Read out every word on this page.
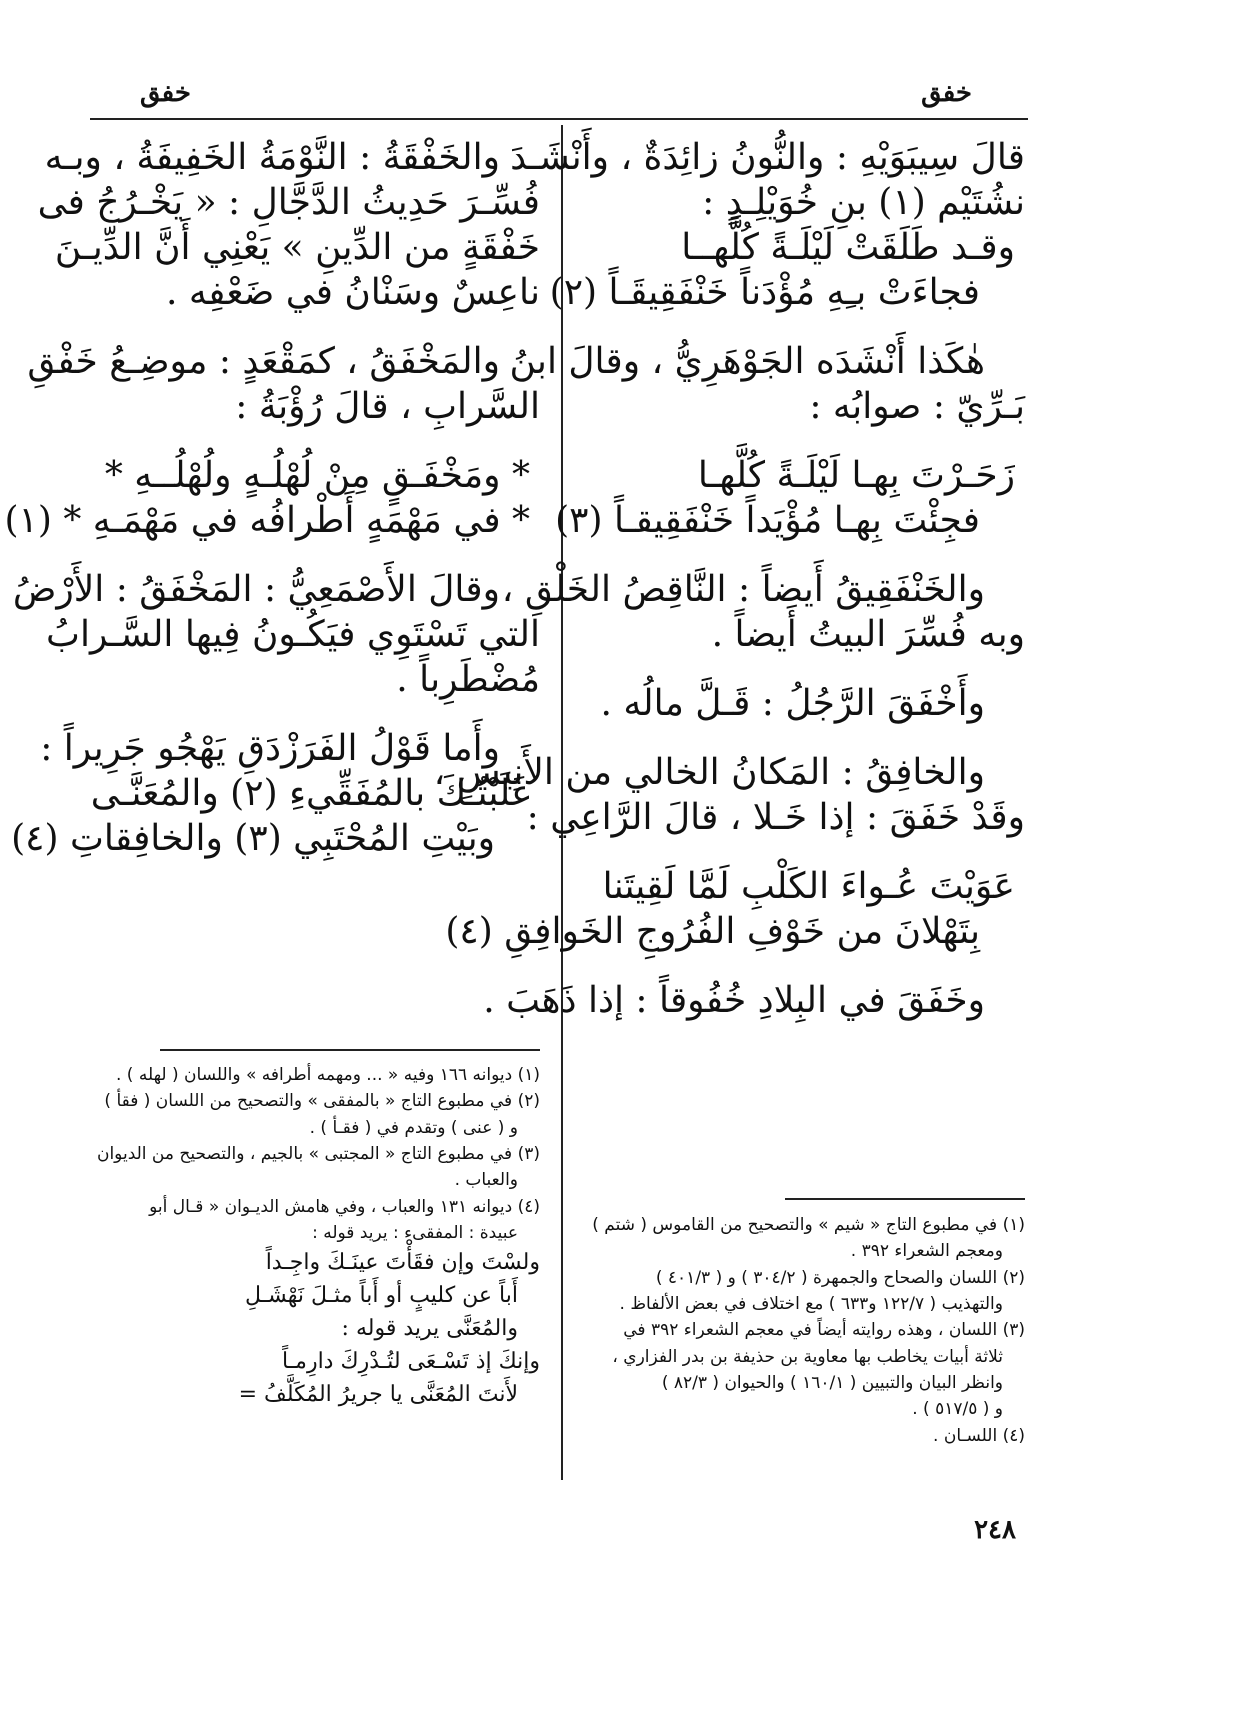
خفق
خفق

قالَ سِيبَوَيْهِ : والنُّونُ زائِدَةٌ ، وأَنْشَـدَ

نشُتَيْم (١) بنِ خُوَيْلِـدٍ :

وقـد طَلَقَتْ لَيْلَـةً كُلَّهــا

فجاءَتْ بـِهِ مُؤْدَناً خَنْفَقِيقَـاً (٢)

هٰكَذا أَنْشَدَه الجَوْهَرِيُّ ، وقالَ ابنُ

بَـرِّيّ : صوابُه :

زَحَـرْتَ بِهـا لَيْلَـةً كُلَّهـا

فجِئْتَ بِهـا مُؤْيَداً خَنْفَقِيقـاً (٣)

والخَنْفَقِيقُ أَيضاً : النَّاقِصُ الخَلْقِ ،

وبه فُسِّرَ البيتُ أَيضاً .

وأَخْفَقَ الرَّجُلُ : قَـلَّ مالُه .

والخافِقُ : المَكانُ الخالي من الأَنِيسِ ،

وقَدْ خَفَقَ : إذا خَـلا ، قالَ الرَّاعِي :

عَوَيْتَ عُـواءَ الكَلْبِ لَمَّا لَقِيتَنا

بِتَهْلانَ من خَوْفِ الفُرُوجِ الخَوافِقِ (٤)

وخَفَقَ في البِلادِ خُفُوقاً : إذا ذَهَبَ .

والخَفْقَةُ : النَّوْمَةُ الخَفِيفَةُ ، وبـه

فُسِّـرَ حَدِيثُ الدَّجَّالِ : « يَخْـرُجُ فى

خَفْقَةٍ من الدِّينِ » يَعْنِي أَنَّ الدِّيـنَ

ناعِسٌ وسَنْانُ في ضَعْفِه .

والمَخْفَقُ ، كمَقْعَدٍ : موضِـعُ خَفْقِ

السَّرابِ ، قالَ رُؤْبَةُ :

* ومَخْفَـقٍ مِنْ لُهْلُـهٍ ولُهْلُــهِ *

* في مَهْمَهٍ أَطْرافُه في مَهْمَـهِ * (١)

وقالَ الأَصْمَعِيُّ : المَخْفَقُ : الأَرْضُ

التي تَسْتَوِي فيَكُـونُ فِيها السَّـرابُ

مُضْطَرِباً .

وأَما قَوْلُ الفَرَزْدَقِ يَهْجُو جَرِيراً :

غَلَبْتُـكَ بالمُفَقِّيءِ (٢) والمُعَنَّـى

وبَيْتِ المُحْتَبِي (٣) والخافِقاتِ (٤)

(١) ديوانه ١٦٦ وفيه « ... ومهمه أطرافه » واللسان ( لهله ) .

(٢) في مطبوع التاج « بالمفقى » والتصحيح من اللسان ( فقأ )

و ( عنى ) وتقدم في ( فقـأ ) .

(٣) في مطبوع التاج « المجتبى » بالجيم ، والتصحيح من الديوان

والعباب .

(٤) ديوانه ١٣١ والعباب ، وفي هامش الديـوان « قـال أبو

عبيدة : المفقىء : يريد قوله :

ولسْتَ وإن فقَأْتَ عينَـكَ واجِـداً

أَباً عن كليبٍ أو أَباً مثـلَ نَهْشَـلِ

والمُعَنَّى يريد قوله :

وإنكَ إذ تَسْـعَى لتُـدْرِكَ دارِمـاً

لأَنتَ المُعَنَّى يا جريرُ المُكَلَّفُ =

(١) في مطبوع التاج « شيم » والتصحيح من القاموس ( شتم )

ومعجم الشعراء ٣٩٢ .

(٢) اللسان والصحاح والجمهرة ( ٣٠٤/٢ ) و ( ٤٠١/٣ )

والتهذيب ( ١٢٢/٧ و٦٣٣ ) مع اختلاف في بعض الألفاظ .

(٣) اللسان ، وهذه روايته أيضاً في معجم الشعراء ٣٩٢ في

ثلاثة أبيات يخاطب بها معاوية بن حذيفة بن بدر الفزاري ،

وانظر البيان والتبيين ( ١٦٠/١ ) والحيوان ( ٨٢/٣ )

و ( ٥١٧/٥ ) .

(٤) اللسـان .

٢٤٨
